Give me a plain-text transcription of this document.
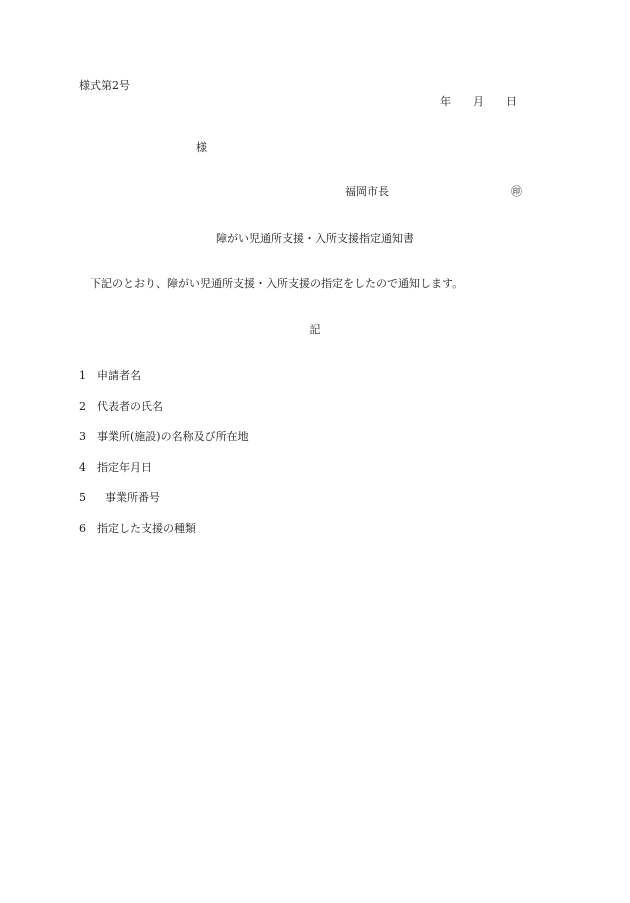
様式第2号
年 月 日
様
福岡市長	㊞
障がい児通所支援・入所支援指定通知書
下記のとおり、障がい児通所支援・入所支援の指定をしたので通知します。
記
1 申請者名
2 代表者の氏名
3 事業所(施設)の名称及び所在地
4 指定年月日
5 事業所番号
6 指定した支援の種類
